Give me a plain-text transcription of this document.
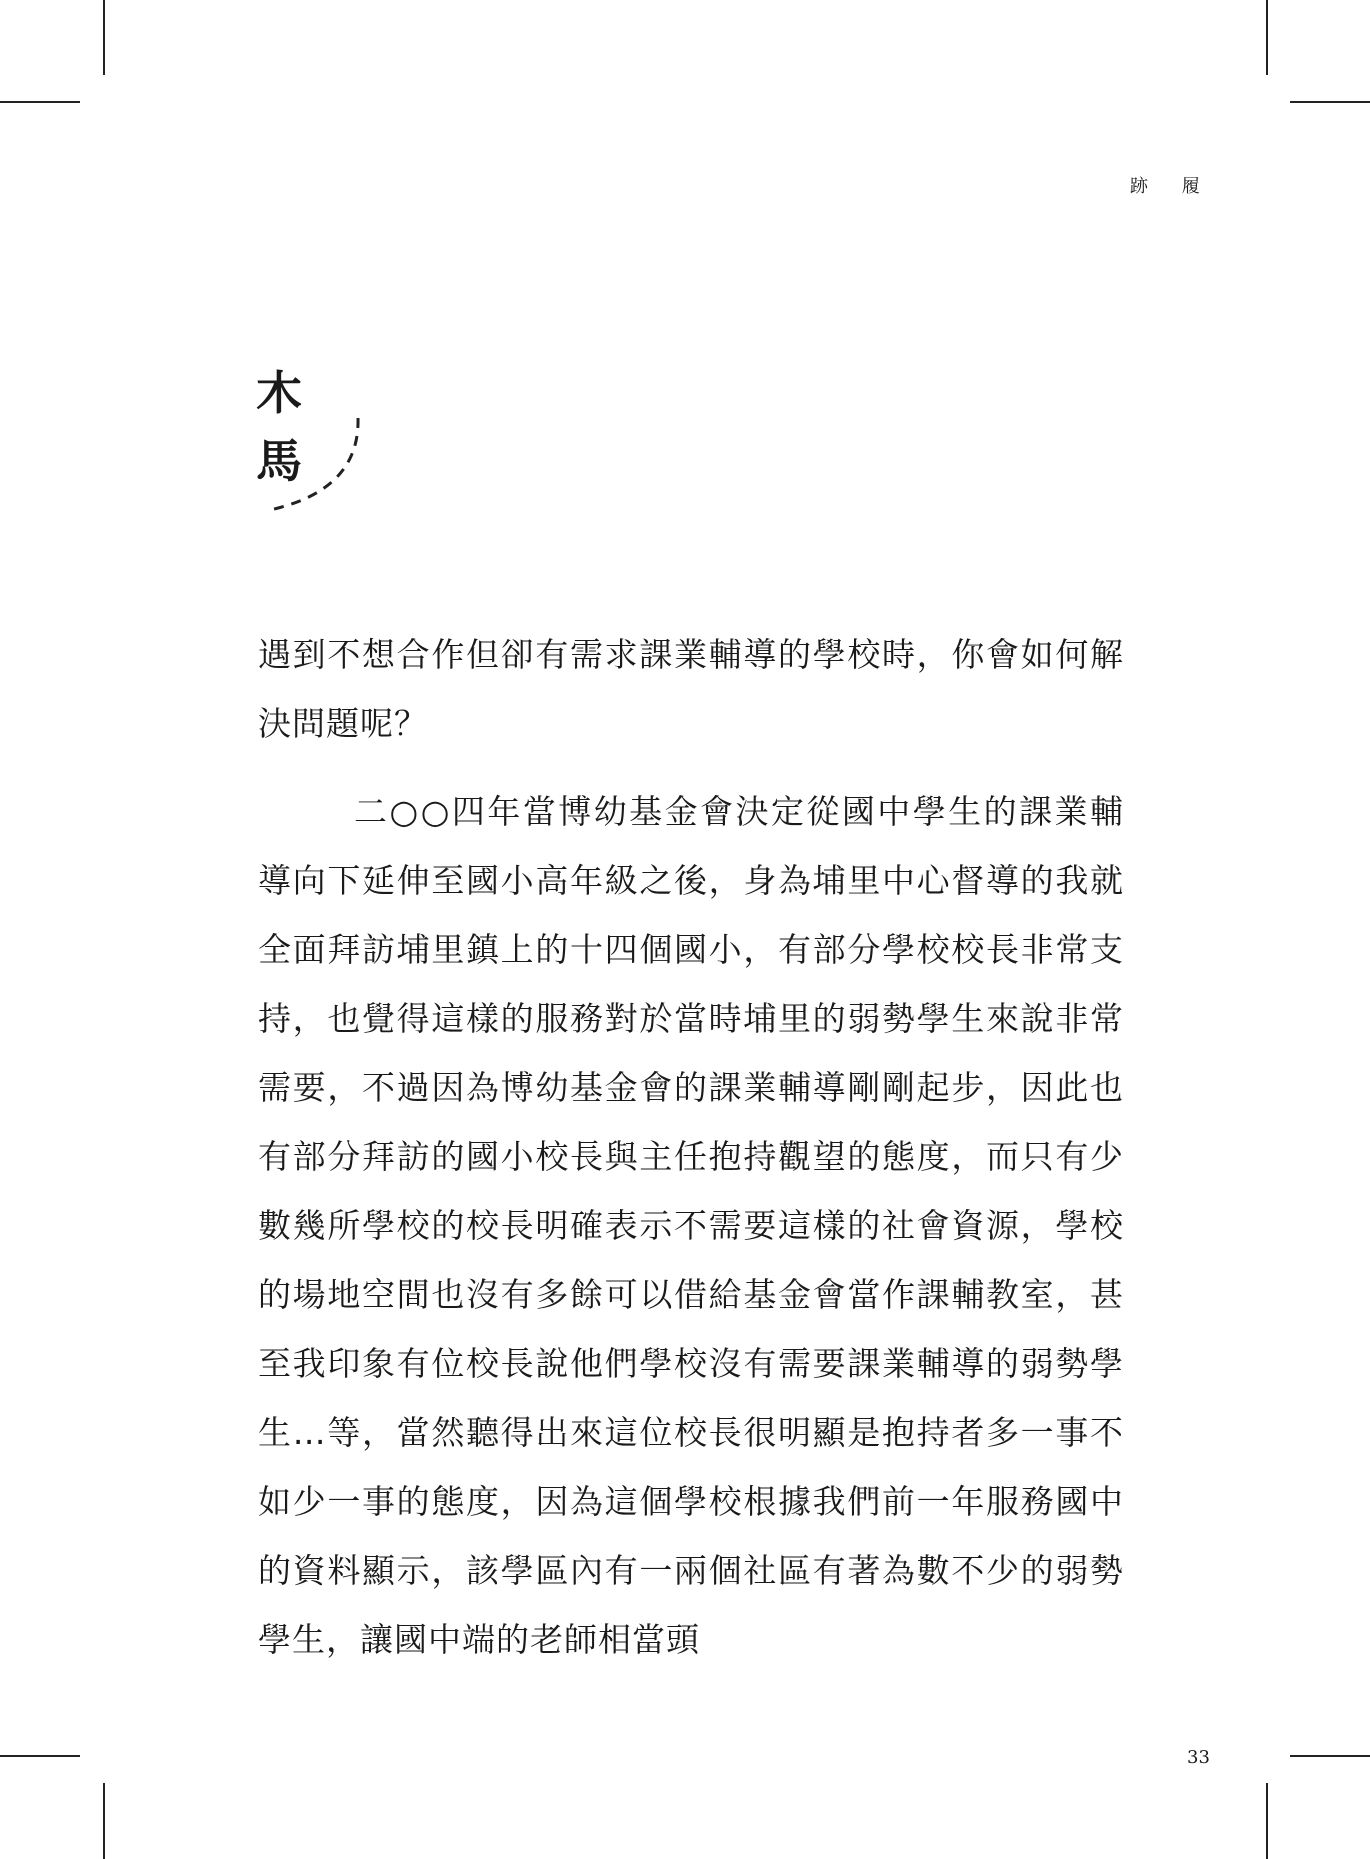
跡 履
木
馬

遇到不想合作但卻有需求課業輔導的學校時，你會如何解決問題呢？

二○○四年當博幼基金會決定從國中學生的課業輔導向下延伸至國小高年級之後，身為埔里中心督導的我就全面拜訪埔里鎮上的十四個國小，有部分學校校長非常支持，也覺得這樣的服務對於當時埔里的弱勢學生來說非常需要，不過因為博幼基金會的課業輔導剛剛起步，因此也有部分拜訪的國小校長與主任抱持觀望的態度，而只有少數幾所學校的校長明確表示不需要這樣的社會資源，學校的場地空間也沒有多餘可以借給基金會當作課輔教室，甚至我印象有位校長說他們學校沒有需要課業輔導的弱勢學生…等，當然聽得出來這位校長很明顯是抱持者多一事不如少一事的態度，因為這個學校根據我們前一年服務國中的資料顯示，該學區內有一兩個社區有著為數不少的弱勢學生，讓國中端的老師相當頭

33
